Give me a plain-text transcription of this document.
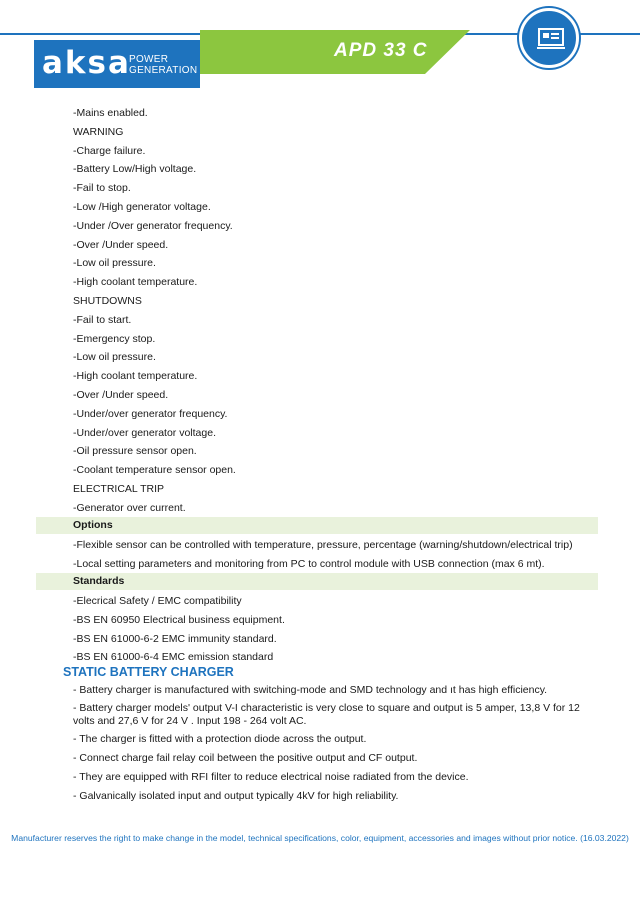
aksa
POWER
GENERATION
APD 33 C
-Mains enabled.
WARNING
-Charge failure.
-Battery Low/High voltage.
-Fail to stop.
-Low /High generator voltage.
-Under /Over generator frequency.
-Over /Under speed.
-Low oil pressure.
-High coolant temperature.
SHUTDOWNS
-Fail to start.
-Emergency stop.
-Low oil pressure.
-High coolant temperature.
-Over /Under speed.
-Under/over generator frequency.
-Under/over generator voltage.
-Oil pressure sensor open.
-Coolant temperature sensor open.
ELECTRICAL TRIP
-Generator over current.
Options
-Flexible sensor can be controlled with temperature, pressure, percentage (warning/shutdown/electrical trip)
-Local setting parameters and monitoring from PC to control module with USB connection (max 6 mt).
Standards
-Elecrical Safety / EMC compatibility
-BS EN 60950 Electrical business equipment.
-BS EN 61000-6-2 EMC immunity standard.
-BS EN 61000-6-4 EMC emission standard
STATIC BATTERY CHARGER
- Battery charger is manufactured with switching-mode and SMD technology and ıt has high efficiency.
- Battery charger models' output V-I characteristic is very close to square and output is 5 amper, 13,8 V for 12 volts and 27,6 V for 24 V . Input 198 - 264 volt AC.
- The charger is fitted with a protection diode across the output.
- Connect charge fail relay coil between the positive output and CF output.
- They are equipped with RFI filter to reduce electrical noise radiated from the device.
- Galvanically isolated input and output typically 4kV for high reliability.
Manufacturer reserves the right to make change in the model, technical specifications, color, equipment, accessories and images without prior notice. (16.03.2022)
